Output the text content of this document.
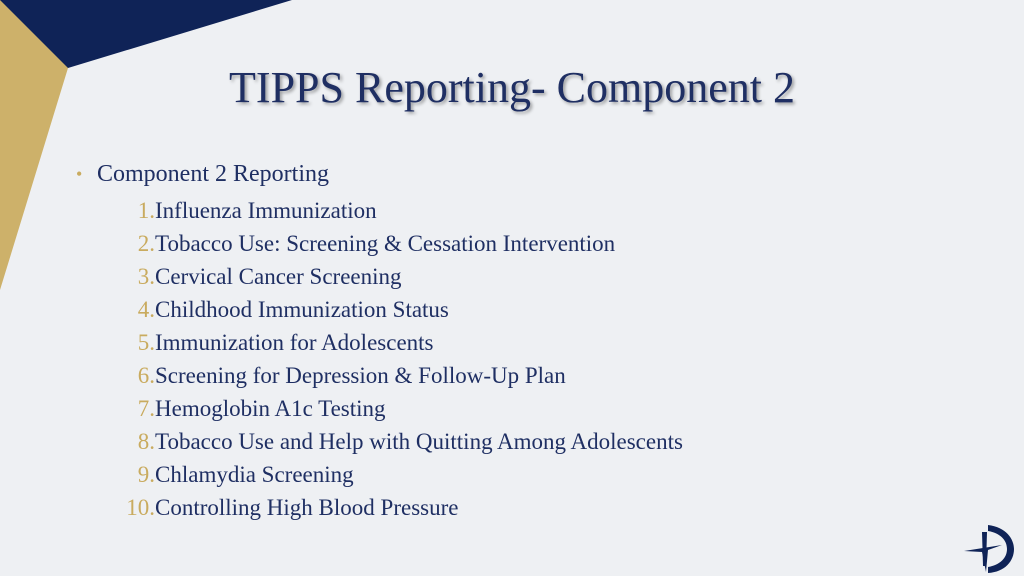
TIPPS Reporting- Component 2
• Component 2 Reporting
1. Influenza Immunization
2. Tobacco Use: Screening & Cessation Intervention
3. Cervical Cancer Screening
4. Childhood Immunization Status
5. Immunization for Adolescents
6. Screening for Depression & Follow-Up Plan
7. Hemoglobin A1c Testing
8. Tobacco Use and Help with Quitting Among Adolescents
9. Chlamydia Screening
10. Controlling High Blood Pressure
